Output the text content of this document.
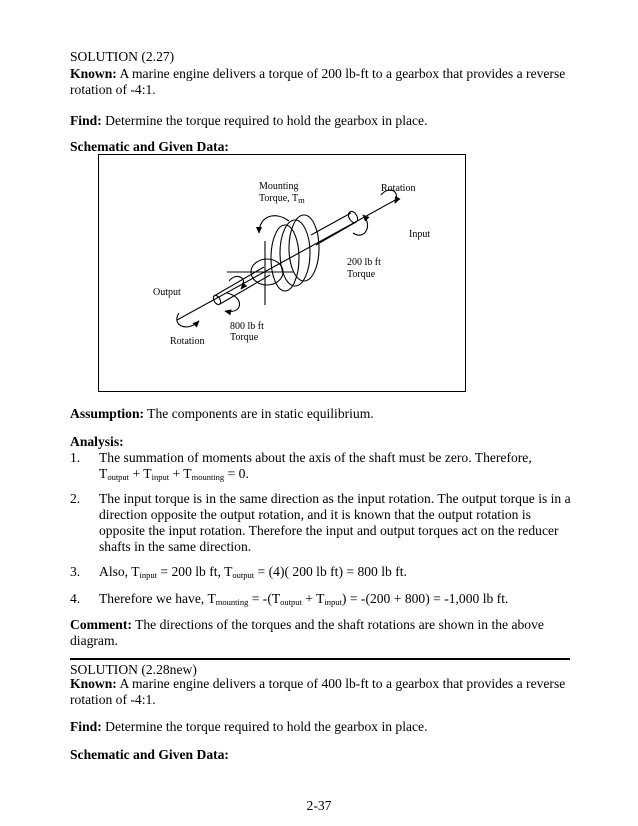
SOLUTION (2.27)
Known: A marine engine delivers a torque of 200 lb-ft to a gearbox that provides a reverse rotation of -4:1.
Find: Determine the torque required to hold the gearbox in place.
Schematic and Given Data:
Mounting
Torque, $T_m$
Rotation
Input
200 lb ft
Torque
Output
800 lb ft
Torque
Rotation
Assumption: The components are in static equilibrium.
Analysis:
1. The summation of moments about the axis of the shaft must be zero. Therefore,
$T_{output} + T_{input} + T_{mounting} = 0$.
2. The input torque is in the same direction as the input rotation. The output torque is in a direction opposite the output rotation, and it is known that the output rotation is opposite the input rotation. Therefore the input and output torques act on the reducer shafts in the same direction.
3. Also, $T_{input} = 200$ lb ft, $T_{output} = (4)$( 200 lb ft) = 800 lb ft.
4. Therefore we have, $T_{mounting} = -(T_{output} + T_{input}) = -(200 + 800) = -1,000$ lb ft.
Comment: The directions of the torques and the shaft rotations are shown in the above diagram.
SOLUTION (2.28new)
Known: A marine engine delivers a torque of 400 lb-ft to a gearbox that provides a reverse rotation of -4:1.
Find: Determine the torque required to hold the gearbox in place.
Schematic and Given Data:
2-37
